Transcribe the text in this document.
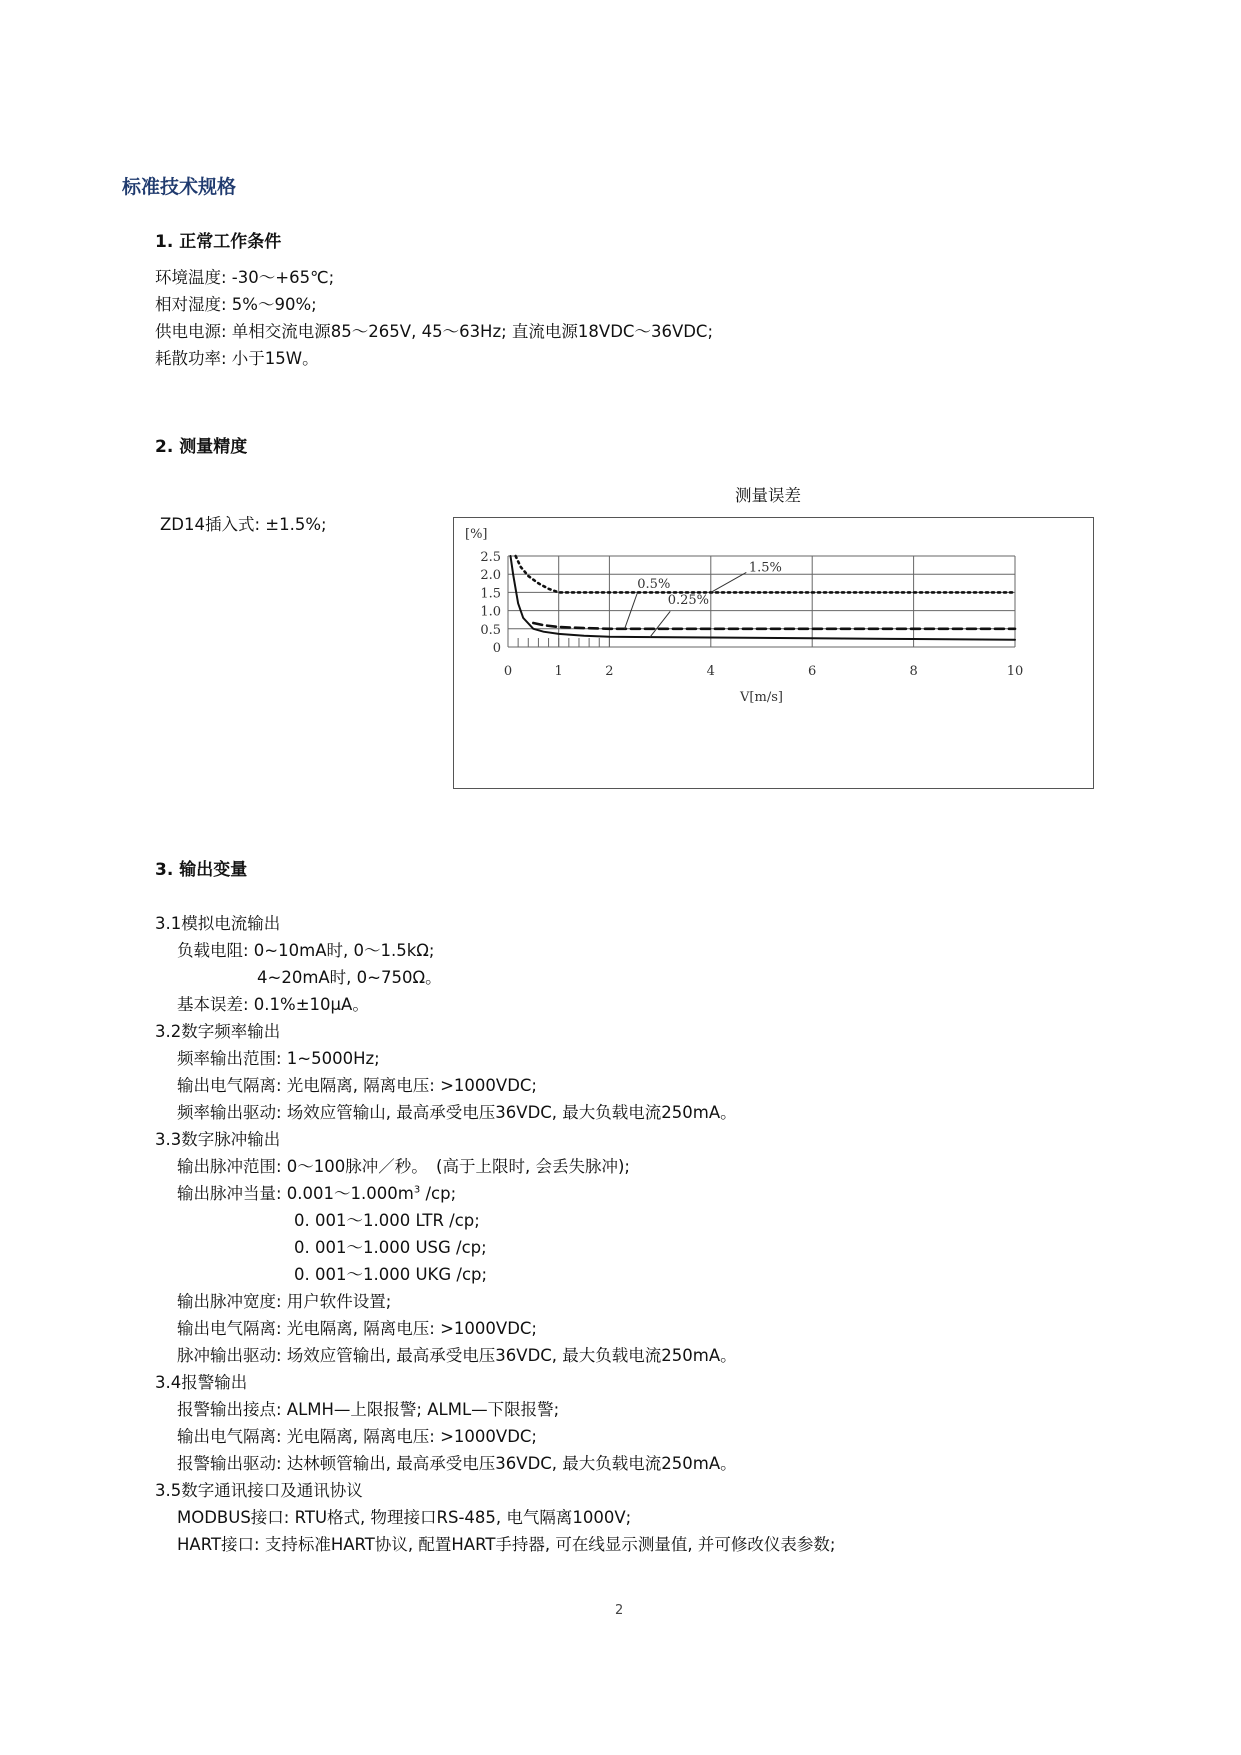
标准技术规格
1. 正常工作条件
环境温度: -30～+65℃;
相对湿度: 5%～90%;
供电电源: 单相交流电源85～265V, 45～63Hz; 直流电源18VDC～36VDC;
耗散功率: 小于15W。
2. 测量精度
ZD14插入式: ±1.5%;
测量误差
0
0.5
1.0
1.5
2.0
2.5
0	1	2	4	6	8	10
[%]
V[m/s]
1.5%
0.5%
0.25%
3. 输出变量
3.1模拟电流输出
负载电阻: 0~10mA时, 0～1.5kΩ;
4~20mA时, 0~750Ω。
基本误差: 0.1%±10μA。
3.2数字频率输出
频率输出范围: 1~5000Hz;
输出电气隔离: 光电隔离, 隔离电压: >1000VDC;
频率输出驱动: 场效应管输山, 最高承受电压36VDC, 最大负载电流250mA。
3.3数字脉冲输出
输出脉冲范围: 0～100脉冲／秒。　(高于上限时, 会丢失脉冲);
输出脉冲当量: $0.001\sim 1.000m^3$ /cp;
0. 001～1.000 LTR /cp;
0. 001～1.000 USG /cp;
0. 001～1.000 UKG /cp;
输出脉冲宽度: 用户软件设置;
输出电气隔离: 光电隔离, 隔离电压: >1000VDC;
脉冲输出驱动: 场效应管输出, 最高承受电压36VDC, 最大负载电流250mA。
3.4报警输出
报警输出接点: ALMH—上限报警; ALML—下限报警;
输出电气隔离: 光电隔离, 隔离电压: >1000VDC;
报警输出驱动: 达林顿管输出, 最高承受电压36VDC, 最大负载电流250mA。
3.5数字通讯接口及通讯协议
MODBUS接口: RTU格式, 物理接口RS-485, 电气隔离1000V;
HART接口: 支持标准HART协议, 配置HART手持器, 可在线显示测量值, 并可修改仪表参数;
2
